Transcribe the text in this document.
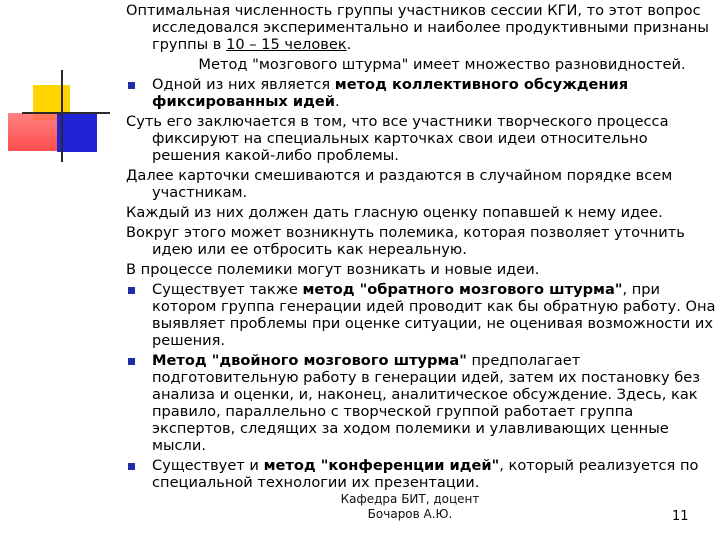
Оптимальная численность группы участников сессии КГИ, то этот вопрос исследовался экспериментально и наиболее продуктивными признаны группы в 10 – 15 человек.

Метод "мозгового штурма" имеет множество разновидностей.

Одной из них является метод коллективного обсуждения фиксированных идей.

Суть его заключается в том, что все участники творческого процесса фиксируют на специальных карточках свои идеи относительно решения какой-либо проблемы.

Далее карточки смешиваются и раздаются в случайном порядке всем участникам.

Каждый из них должен дать гласную оценку попавшей к нему идее.

Вокруг этого может возникнуть полемика, которая позволяет уточнить идею или ее отбросить как нереальную.

В процессе полемики могут возникать и новые идеи.

Существует также метод "обратного мозгового штурма", при котором группа генерации идей проводит как бы обратную работу. Она выявляет проблемы при оценке ситуации, не оценивая возможности их решения.

Метод "двойного мозгового штурма" предполагает подготовительную работу в генерации идей, затем их постановку без анализа и оценки, и, наконец, аналитическое обсуждение. Здесь, как правило, параллельно с творческой группой работает группа экспертов, следящих за ходом полемики и улавливающих ценные мысли.

Существует и метод "конференции идей", который реализуется по специальной технологии их презентации.

Кафедра БИТ, доцент
Бочаров А.Ю.	11
